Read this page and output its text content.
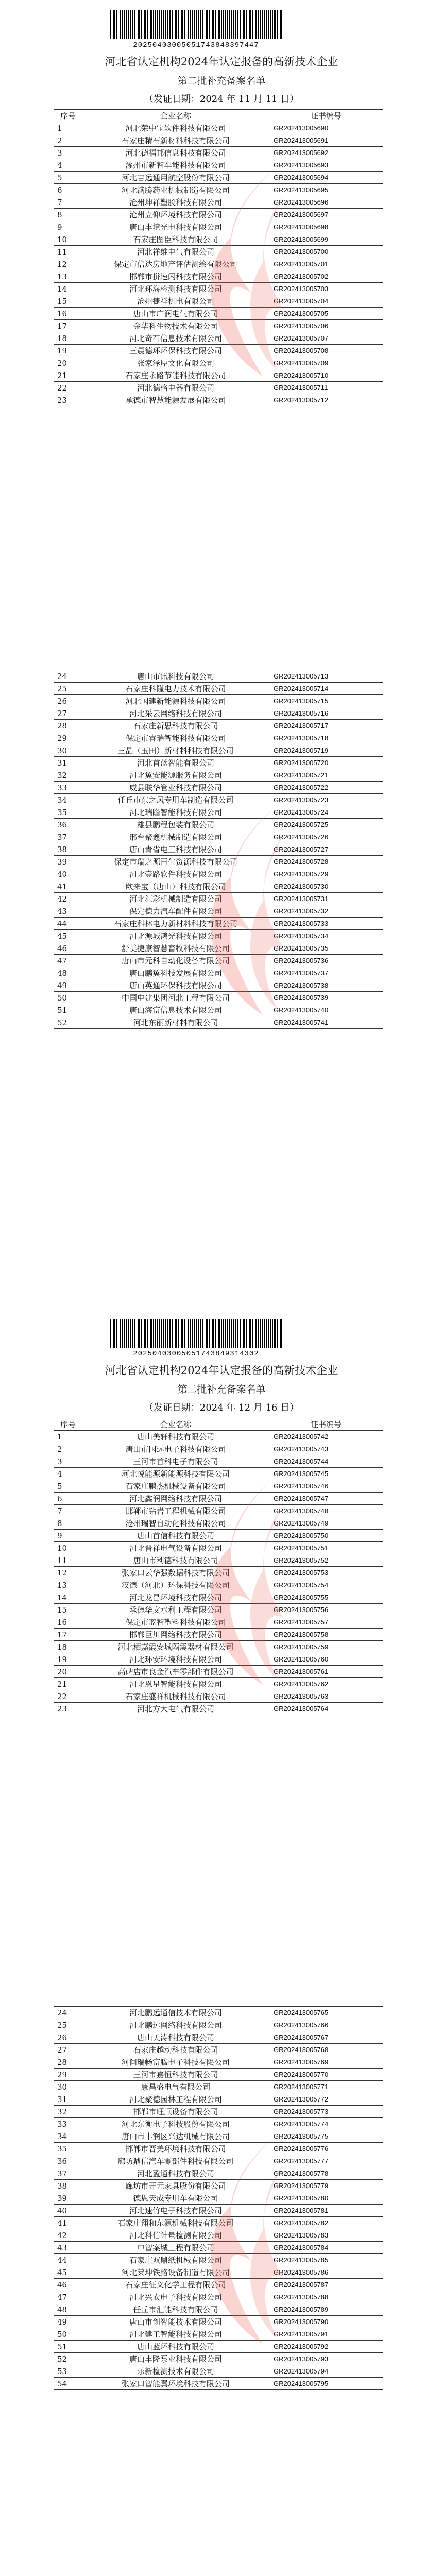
20250403005051743848397447
河北省认定机构2024年认定报备的高新技术企业
第二批补充备案名单
（发证日期：2024 年 11 月 11 日）
序号	企业名称	证书编号
1	河北荣中宝软件科技有限公司	GR202413005690
2	石家庄精石新材料科技有限公司	GR202413005691
3	河北德福邦信息科技有限公司	GR202413005692
4	涿州市新智车能科技有限公司	GR202413005693
5	河北吉远通用航空股份有限公司	GR202413005694
6	河北满腾药业机械制造有限公司	GR202413005695
7	沧州坤祥塑胶科技有限公司	GR202413005696
8	沧州立仰环境科技有限公司	GR202413005697
9	唐山丰境光电科技有限公司	GR202413005698
10	石家庄图臣科技有限公司	GR202413005699
11	河北祥维电气有限公司	GR202413005700
12	保定市信达房地产评估测绘有限公司	GR202413005701
13	邯郸市拼速闪科技有限公司	GR202413005702
14	河北环海检测科技有限公司	GR202413005703
15	沧州捷祥机电有限公司	GR202413005704
16	唐山市广润电气有限公司	GR202413005705
17	金华科生物技术有限公司	GR202413005706
18	河北奇石信息技术有限公司	GR202413005707
19	三晨德环环保科技有限公司	GR202413005708
20	张家泽厚文化有限公司	GR202413005709
21	石家庄永路节能科技有限公司	GR202413005710
22	河北德格电器有限公司	GR202413005711
23	承德市智慧能源发展有限公司	GR202413005712
24	唐山市讯科技有限公司	GR202413005713
25	石家庄科隆电力技术有限公司	GR202413005714
26	河北国建新能源科技有限公司	GR202413005715
27	河北采云网络科技有限公司	GR202413005716
28	石家庄新思科技有限公司	GR202413005717
29	保定市睿瑞智能科技有限公司	GR202413005718
30	三晶（玉田）新材料科技有限公司	GR202413005719
31	河北首蓝智能有限公司	GR202413005720
32	河北翼安能源服务有限公司	GR202413005721
33	威县联华管业科技有限公司	GR202413005722
34	任丘市东之风专用车制造有限公司	GR202413005723
35	河北瑞瞻智能科技有限公司	GR202413005724
36	雄县鹏程包装有限公司	GR202413005725
37	邢台聚鑫机械制造有限公司	GR202413005726
38	唐山青省电工科技有限公司	GR202413005727
39	保定市瑞之源再生资源科技有限公司	GR202413005728
40	河北壹路软件科技有限公司	GR202413005729
41	欧来宝（唐山）科技有限公司	GR202413005730
42	河北汇彩机械制造有限公司	GR202413005731
43	保定德力汽车配件有限公司	GR202413005732
44	石家庄科林电力新材料科技有限公司	GR202413005733
45	河北源城鸿光科技有限公司	GR202413005734
46	舒美捷康智慧畜牧科技有限公司	GR202413005735
47	唐山市元科自动化设备有限公司	GR202413005736
48	唐山鹏翼科技发展有限公司	GR202413005737
49	唐山英通环保科技有限公司	GR202413005738
50	中国电建集团河北工程有限公司	GR202413005739
51	唐山海富信息技术有限公司	GR202413005740
52	河北东丽新材料有限公司	GR202413005741
20250403005051743849314302
河北省认定机构2024年认定报备的高新技术企业
第二批补充备案名单
（发证日期：2024 年 12 月 16 日）
序号	企业名称	证书编号
1	唐山美轩科技有限公司	GR202413005742
2	唐山市国远电子科技有限公司	GR202413005743
3	三河市首科电子有限公司	GR202413005744
4	河北悦能源新能源科技有限公司	GR202413005745
5	石家庄鹏杰机械设备有限公司	GR202413005746
6	河北鑫润网络科技有限公司	GR202413005747
7	邯郸市钻岩工程机械有限公司	GR202413005748
8	沧州瑞智自动化科技有限公司	GR202413005749
9	唐山首信科技有限公司	GR202413005750
10	河北晋祥电气设备有限公司	GR202413005751
11	唐山市利德科技有限公司	GR202413005752
12	张家口云华强数据科技有限公司	GR202413005753
13	汉德（河北）环保科技有限公司	GR202413005754
14	河北龙昌环境科技有限公司	GR202413005755
15	承德华文水利工程有限公司	GR202413005756
16	保定市蓝智塑料科技有限公司	GR202413005757
17	邯郸巨川网络科技有限公司	GR202413005758
18	河北栖嘉霞安城隔震器材有限公司	GR202413005759
19	河北环安环境科技有限公司	GR202413005760
20	高碑店市良金汽车零部件有限公司	GR202413005761
21	河北恩星智能科技有限公司	GR202413005762
22	石家庄盛祥机械科技有限公司	GR202413005763
23	河北方大电气有限公司	GR202413005764
24	河北鹏远通信技术有限公司	GR202413005765
25	河北鹏远网络科技有限公司	GR202413005766
26	唐山天涛科技有限公司	GR202413005767
27	石家庄越动科技有限公司	GR202413005768
28	河间瑞畅富腾电子科技有限公司	GR202413005769
29	三河市嘉恒科技有限公司	GR202413005770
30	康昌盛电气有限公司	GR202413005771
31	河北聚德园林工程有限公司	GR202413005772
32	邯郸市旺顺设备有限公司	GR202413005773
33	河北东衡电子科技股份有限公司	GR202413005774
34	唐山市丰润区兴达机械有限公司	GR202413005775
35	邯郸市晋美环境科技有限公司	GR202413005776
36	廊坊鼎信汽车零部件科技有限公司	GR202413005777
37	河北盈通科技有限公司	GR202413005778
38	廊坊市开元家具股份有限公司	GR202413005779
39	德恩天成专用车有限公司	GR202413005780
40	河北速竹电子科技有限公司	GR202413005781
41	石家庄翔和东源机械科技有限公司	GR202413005782
42	河北科信计量检测有限公司	GR202413005783
43	中智案城工程有限公司	GR202413005784
44	石家庄双鼎纸机械有限公司	GR202413005785
45	河北莱坤铁路设备制造有限公司	GR202413005786
46	石家庄征义化学工程有限公司	GR202413005787
47	河北兴农电子科技有限公司	GR202413005788
48	任丘市汇能科技有限公司	GR202413005789
49	唐山市创智能技术有限公司	GR202413005790
50	河北建工智能科技有限公司	GR202413005791
51	唐山蓝环科技有限公司	GR202413005792
52	唐山丰隆泵业科技有限公司	GR202413005793
53	乐新检测技术有限公司	GR202413005794
54	张家口智能翼环境科技有限公司	GR202413005795
